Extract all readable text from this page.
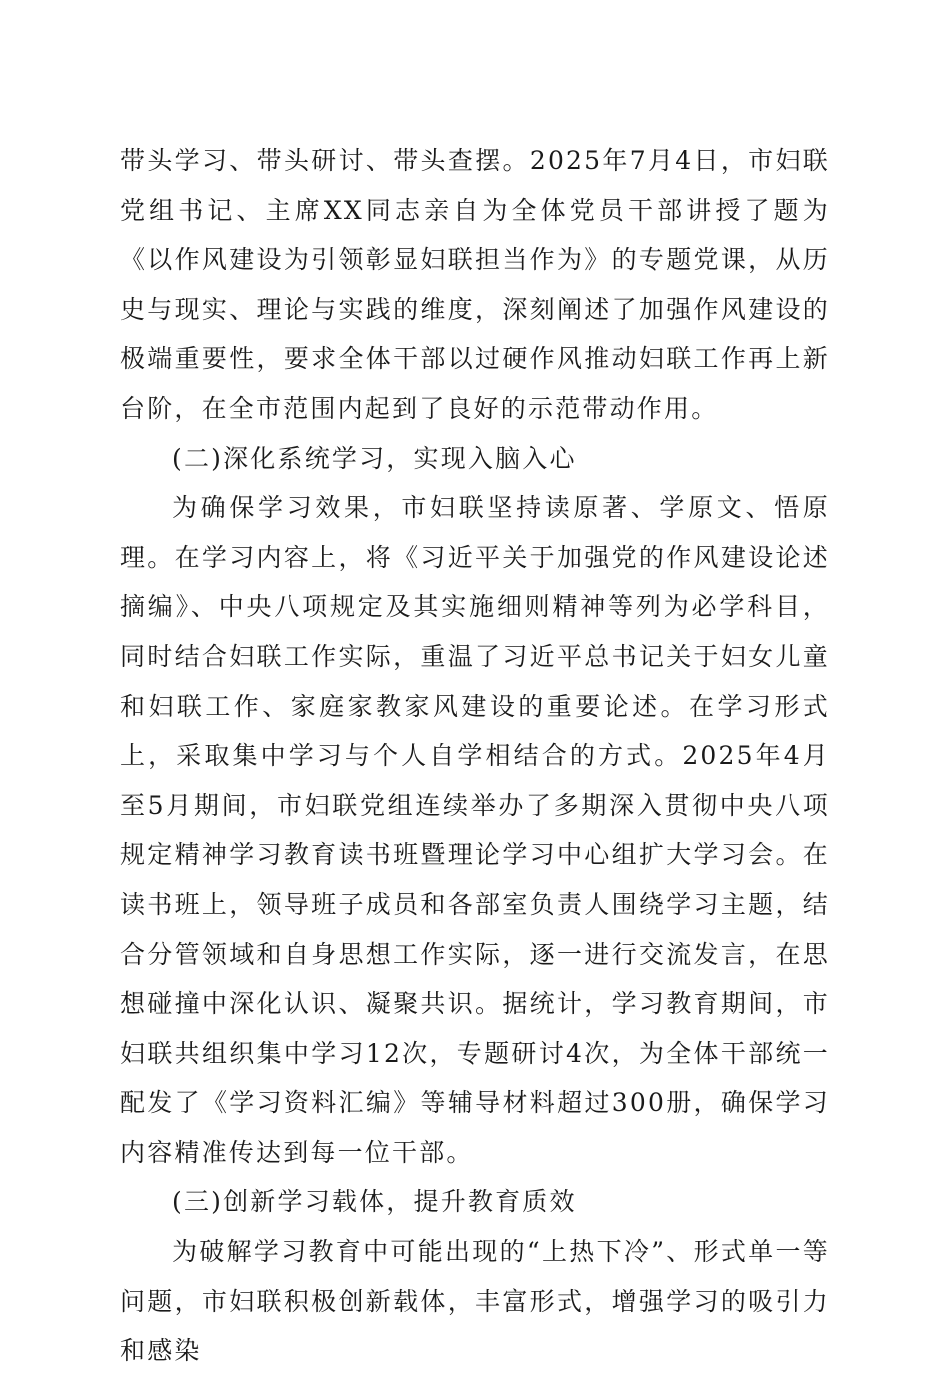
带头学习、带头研讨、带头查摆。2025年7月4日，市妇联党组书记、主席XX同志亲自为全体党员干部讲授了题为《以作风建设为引领彰显妇联担当作为》的专题党课，从历史与现实、理论与实践的维度，深刻阐述了加强作风建设的极端重要性，要求全体干部以过硬作风推动妇联工作再上新台阶，在全市范围内起到了良好的示范带动作用。

(二)深化系统学习，实现入脑入心

为确保学习效果，市妇联坚持读原著、学原文、悟原理。在学习内容上，将《习近平关于加强党的作风建设论述摘编》、中央八项规定及其实施细则精神等列为必学科目，同时结合妇联工作实际，重温了习近平总书记关于妇女儿童和妇联工作、家庭家教家风建设的重要论述。在学习形式上，采取集中学习与个人自学相结合的方式。2025年4月至5月期间，市妇联党组连续举办了多期深入贯彻中央八项规定精神学习教育读书班暨理论学习中心组扩大学习会。在读书班上，领导班子成员和各部室负责人围绕学习主题，结合分管领域和自身思想工作实际，逐一进行交流发言，在思想碰撞中深化认识、凝聚共识。据统计，学习教育期间，市妇联共组织集中学习12次，专题研讨4次，为全体干部统一配发了《学习资料汇编》等辅导材料超过300册，确保学习内容精准传达到每一位干部。

(三)创新学习载体，提升教育质效

为破解学习教育中可能出现的“上热下冷”、形式单一等问题，市妇联积极创新载体，丰富形式，增强学习的吸引力和感染
